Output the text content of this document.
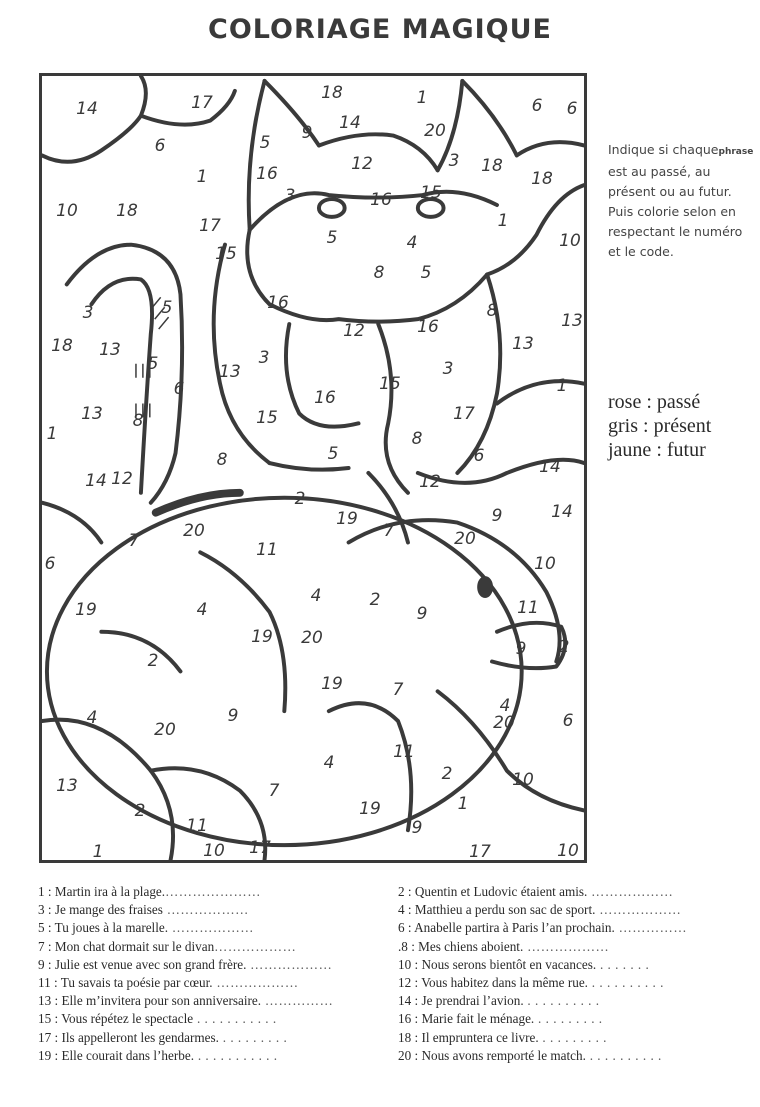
COLORIAGE MAGIQUE
14	17	18	1	6 6
6	5 9 14	20
1	16
3
12	3 18
18
16 15
10 18
17	1
5	4	10
15
8 5
3	5	16	8
12	16
18 13
5	3
13
13
13
3
6	15
16
1
13 8	15	17
1
5
8
6
14
14 12
8
12
2
19	9	14
7	20	7	20
6
11
10
4	2
9	11
19	4
19 20
9 2
2
19	7
4
20
9	4
20	6
4
11
7
2	10
13
19	1
2
11	9
1	10 17	17	10
Indique si chaquephrase est au passé, au présent ou au futur. Puis colorie selon en respectant le numéro et le code.
rose : passé
gris : présent
jaune : futur
1 : Martin ira à la plage.…………………
3 : Je mange des fraises ………………
5 : Tu joues à la marelle. ………………
7 : Mon chat dormait sur le divan………………
9 : Julie est venue avec son grand frère. ………………
11 : Tu savais ta poésie par cœur. ………………
13 : Elle m’invitera pour son anniversaire. ……………
15 : Vous répétez le spectacle . . . . . . . . . . .
17 : Ils appelleront les gendarmes. . . . . . . . . .
19 : Elle courait dans l’herbe. . . . . . . . . . . .
2 : Quentin et Ludovic étaient amis. ………………
4 : Matthieu a perdu son sac de sport. ………………
6 : Anabelle partira à Paris l’an prochain. ……………
.8 : Mes chiens aboient. ………………
10 : Nous serons bientôt en vacances. . . . . . . .
12 : Vous habitez dans la même rue. . . . . . . . . . .
14 : Je prendrai l’avion. . . . . . . . . . .
16 : Marie fait le ménage. . . . . . . . . .
18 : Il empruntera ce livre. . . . . . . . . .
20 : Nous avons remporté le match. . . . . . . . . . .
